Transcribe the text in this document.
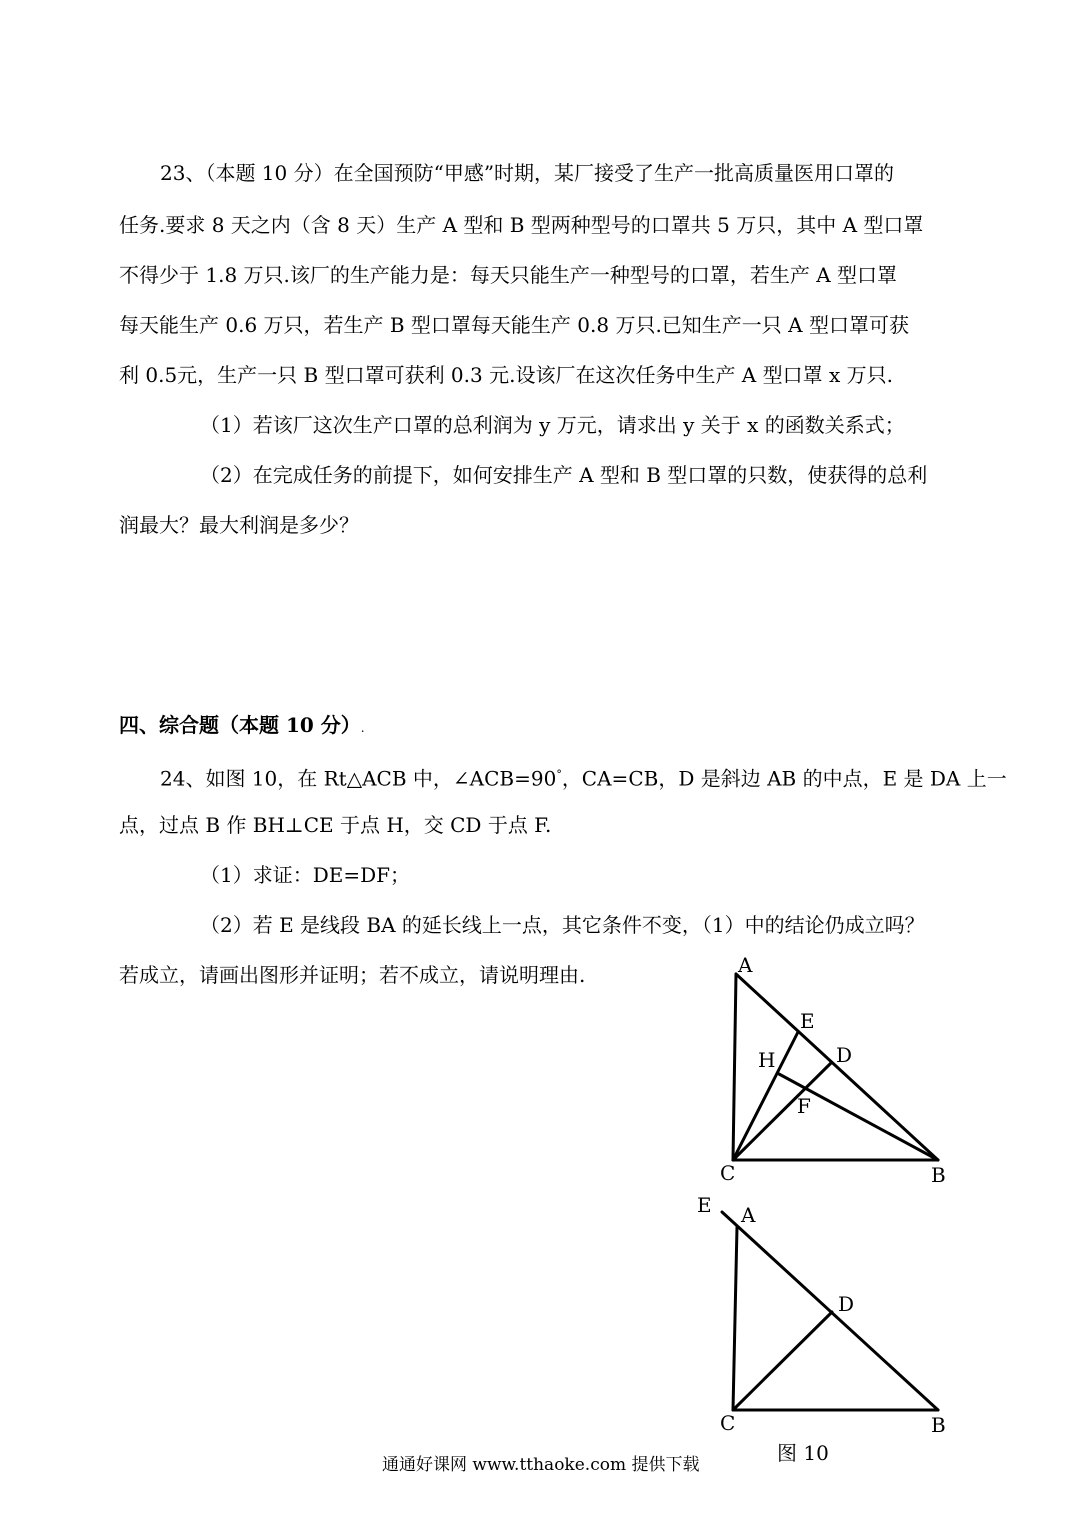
23、（本题 10 分）在全国预防“甲感”时期，某厂接受了生产一批高质量医用口罩的
任务.要求 8 天之内（含 8 天）生产 A 型和 B 型两种型号的口罩共 5 万只，其中 A 型口罩
不得少于 1.8 万只.该厂的生产能力是：每天只能生产一种型号的口罩，若生产 A 型口罩
每天能生产 0.6 万只，若生产 B 型口罩每天能生产 0.8 万只.已知生产一只 A 型口罩可获
利 0.5元，生产一只 B 型口罩可获利 0.3 元.设该厂在这次任务中生产 A 型口罩 x 万只.
（1）若该厂这次生产口罩的总利润为 y 万元，请求出 y 关于 x 的函数关系式；
（2）在完成任务的前提下，如何安排生产 A 型和 B 型口罩的只数，使获得的总利
润最大？最大利润是多少？
四、综合题（本题 10 分）.
24、如图 10，在 Rt△ACB 中，∠ACB=90°，CA=CB，D 是斜边 AB 的中点，E 是 DA 上一
点，过点 B 作 BH⊥CE 于点 H，交 CD 于点 F.
（1）求证：DE=DF；
（2）若 E 是线段 BA 的延长线上一点，其它条件不变，（1）中的结论仍成立吗？
若成立，请画出图形并证明；若不成立，请说明理由.	A
E
D
H
F
C	B
E A
D
C	B
图 10
通通好课网 www.tthaoke.com 提供下载
